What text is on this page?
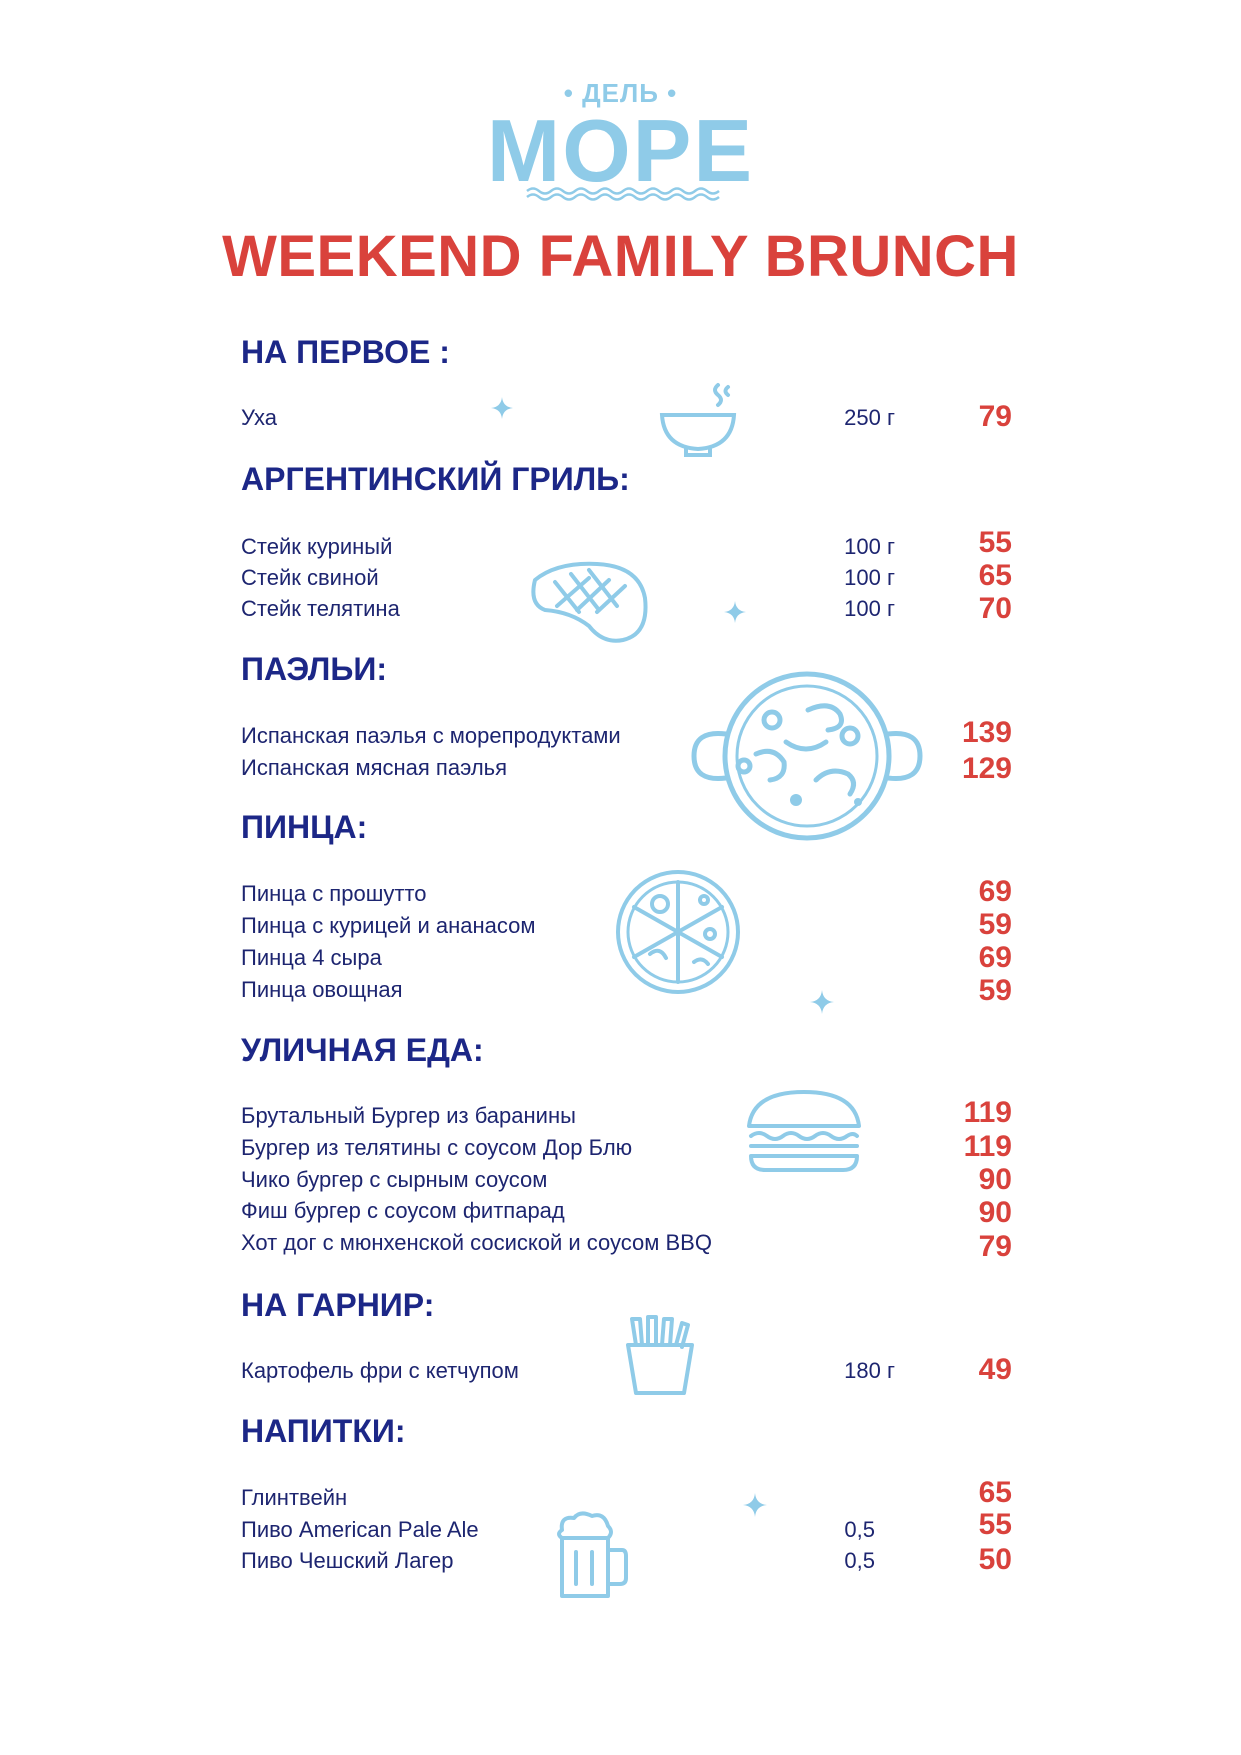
• ДЕЛЬ •
МОРЕ
WEEKEND FAMILY BRUNCH
НА ПЕРВОЕ :
Уха	250 г	79
АРГЕНТИНСКИЙ ГРИЛЬ:
Стейк куриный	100 г	55
Стейк свиной	100 г	65
Стейк телятина	100 г	70
ПАЭЛЬИ:
Испанская паэлья с морепродуктами	139
Испанская мясная паэлья	129
ПИНЦА:
Пинца с прошутто	69
Пинца с курицей и ананасом	59
Пинца 4 сыра	69
Пинца овощная	59
УЛИЧНАЯ ЕДА:
Брутальный Бургер из баранины	119
Бургер из телятины с соусом Дор Блю	119
Чико бургер с сырным соусом	90
Фиш бургер с соусом фитпарад	90
Хот дог с мюнхенской сосиской и соусом BBQ	79
НА ГАРНИР:
Картофель фри с кетчупом	180 г	49
НАПИТКИ:
Глинтвейн	65
Пиво American Pale Ale	0,5	55
Пиво Чешский Лагер	0,5	50
